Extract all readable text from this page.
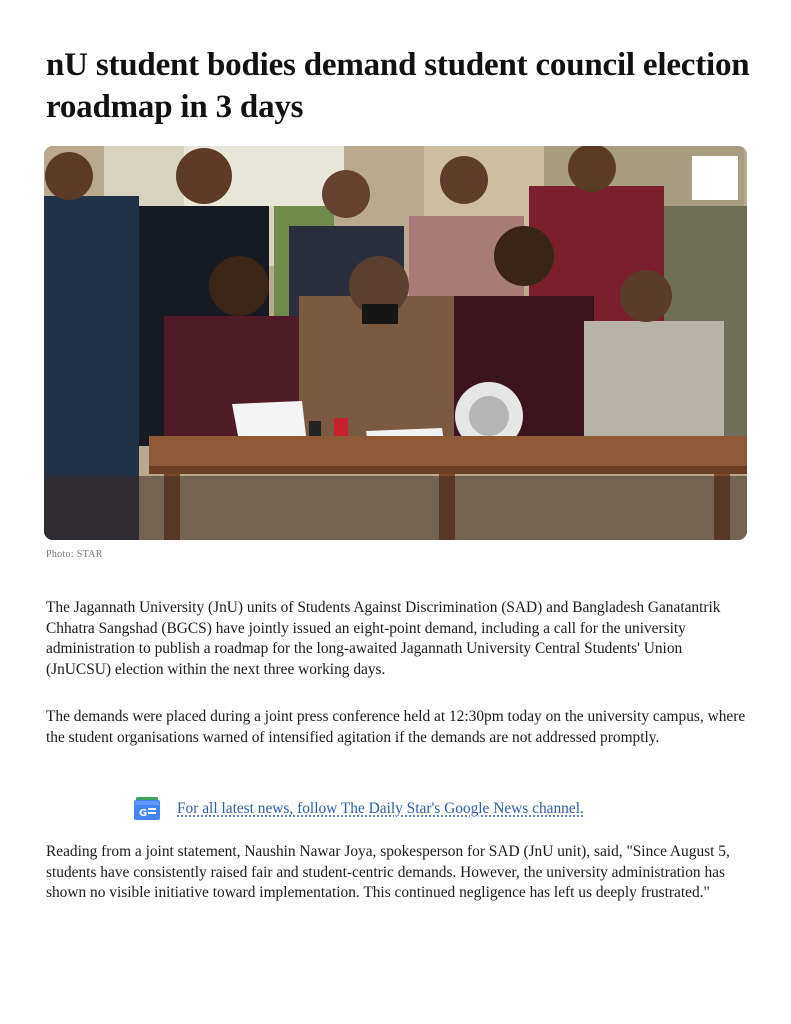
nU student bodies demand student council election roadmap in 3 days
Photo: STAR

The Jagannath University (JnU) units of Students Against Discrimination (SAD) and Bangladesh Ganatantrik Chhatra Sangshad (BGCS) have jointly issued an eight-point demand, including a call for the university administration to publish a roadmap for the long-awaited Jagannath University Central Students' Union (JnUCSU) election within the next three working days.

The demands were placed during a joint press conference held at 12:30pm today on the university campus, where the student organisations warned of intensified agitation if the demands are not addressed promptly.

G For all latest news, follow The Daily Star's Google News channel.

Reading from a joint statement, Naushin Nawar Joya, spokesperson for SAD (JnU unit), said, "Since August 5, students have consistently raised fair and student-centric demands. However, the university administration has shown no visible initiative toward implementation. This continued negligence has left us deeply frustrated."
